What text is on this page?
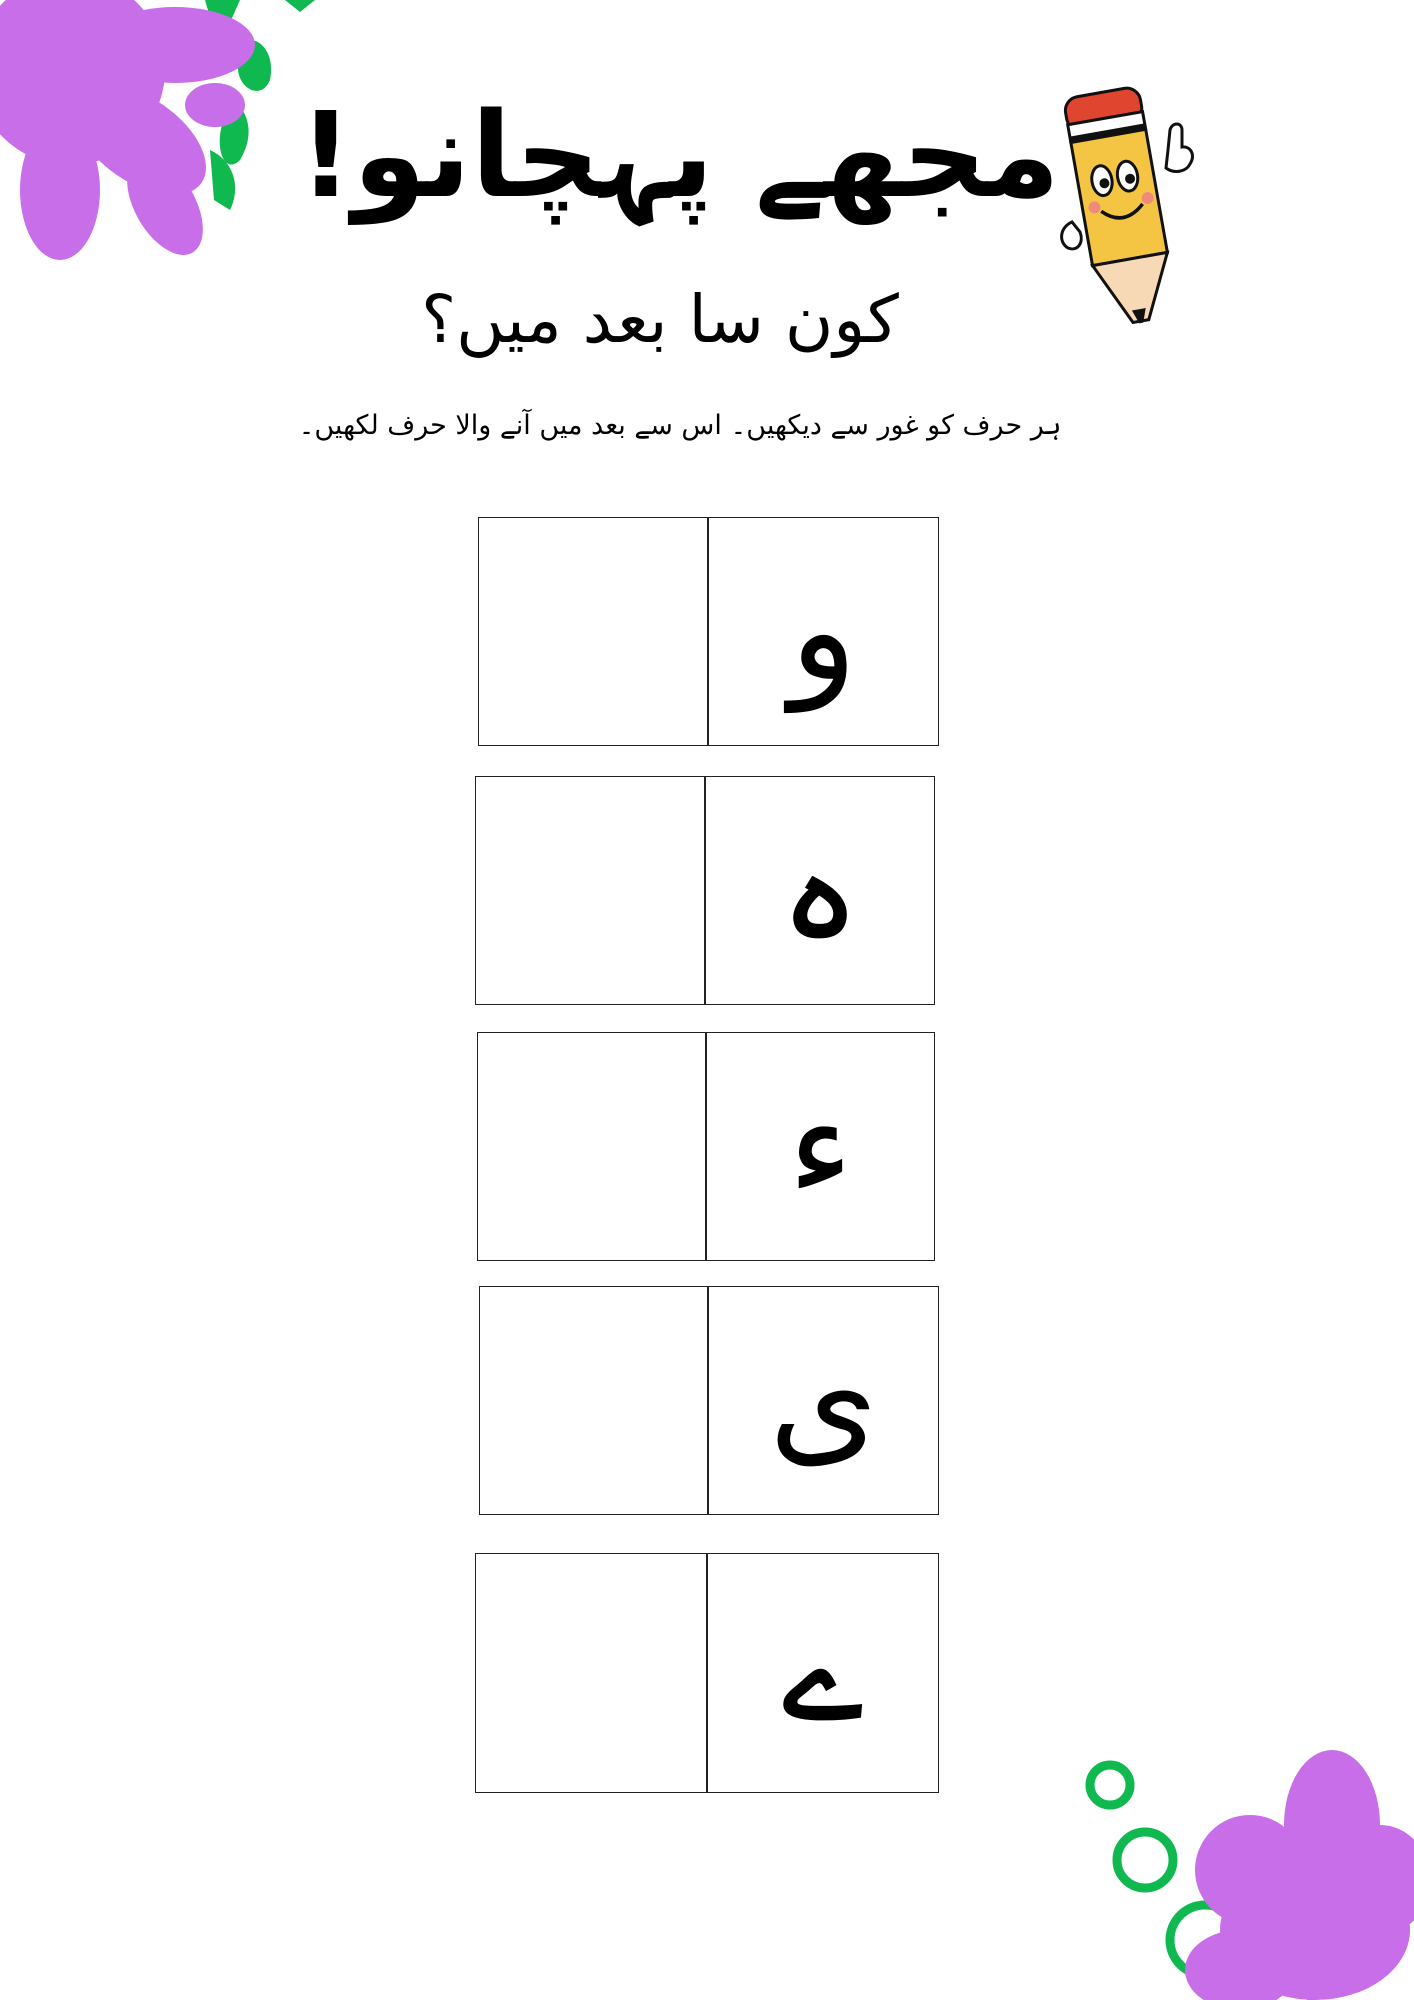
مجھے پہچانو!
کون سا بعد میں؟
ہر حرف کو غور سے دیکھیں۔ اس سے بعد میں آنے والا حرف لکھیں۔
و
ہ
ء
ی
ے
